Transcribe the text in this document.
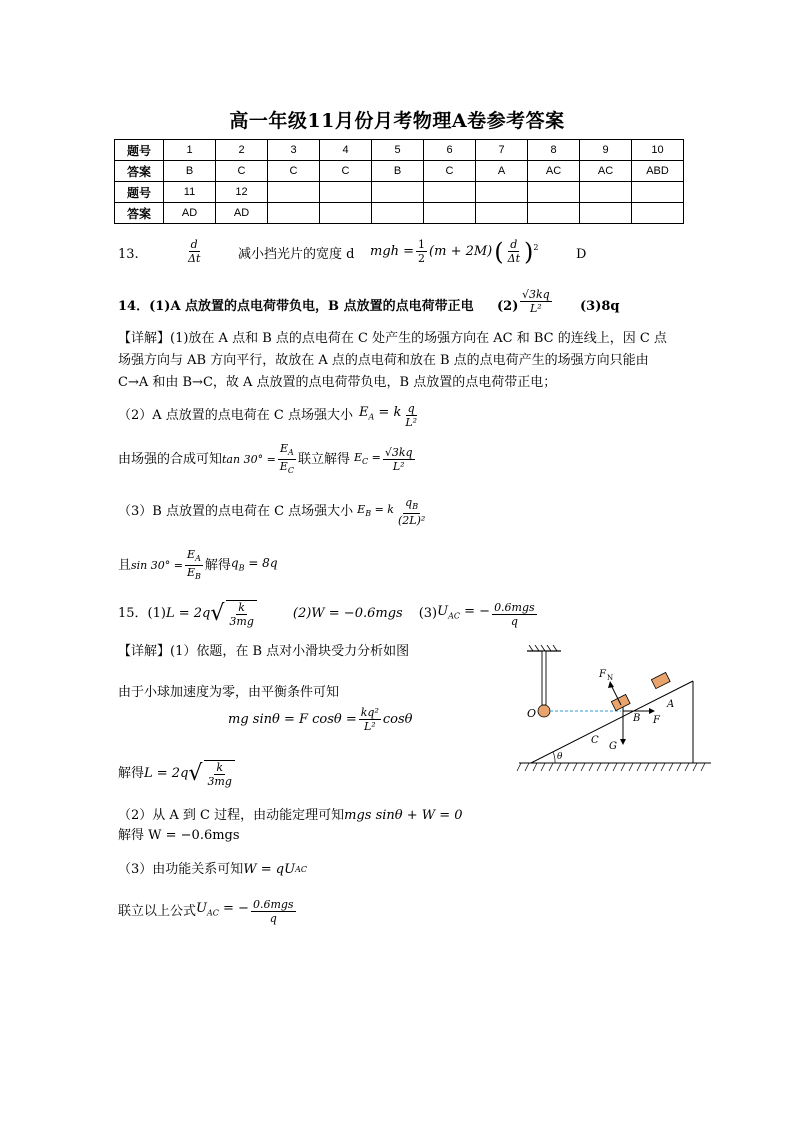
高一年级11月份月考物理A卷参考答案
题号	1	2	3	4	5	6	7	8	9	10
答案	B	C	C	C	B	C	A	AC	AC	ABD
题号	11	12								
答案	AD	AD								
13.	$\frac{d}{\Delta t}$	减小挡光片的宽度 d mgh = $\frac{1}{2} (m + 2M)$ ( $\frac{d}{\Delta t}$ ) 2	D
14．(1)A 点放置的点电荷带负电，B 点放置的点电荷带正电 $(2) \frac{√3kq}{\text{L²}} (3)8q$
【详解】(1)放在 A 点和 B 点的点电荷在 C 处产生的场强方向在 AC 和 BC 的连线上，因 C 点场强方向与 AB 方向平行，故放在 A 点的点电荷和放在 B 点的点电荷产生的场强方向只能由 C→A 和由 B→C，故 A 点放置的点电荷带负电，B 点放置的点电荷带正电；
（2）A 点放置的点电荷在 C 点场强大小 $E_A = k \frac{q}{\text{L²}}$
由场强的合成可知 $\tan 30^\circ = \frac{E_A}{E_C}$ 联立解得 $E_C = \frac{√3kq}{\text{L²}}$
（3）B 点放置的点电荷在 C 点场强大小 $E_B = k \frac{q_B}{\text{(2L)²}}$
且 $\sin 30^\circ = \frac{E_A}{E_B}$ 解得 $q_B = 8q$
15．(1) L = 2q √ $\frac{k}{3mg}$	(2)W = −0.6mgs (3) $U_{AC}$ = − $\frac{\text{0.6mgs}}{q}$
【详解】(1）依题，在 B 点对小滑块受力分析如图
由于小球加速度为零，由平衡条件可知
mg sinθ = F $\cos\theta = \frac{\text{kq²}}{\text{L²}}$ cosθ
解得 L = 2q √ $\frac{k}{3mg}$
（2）从 A 到 C 过程，由动能定理可知 mgs sinθ + W = 0
解得 W = −0.6mgs
（3）由功能关系可知 W = qU AC
联立以上公式 $U_{AC}$ = − $\frac{\text{0.6mgs}}{q}$
O
A
B F
F N
G
C
θ
